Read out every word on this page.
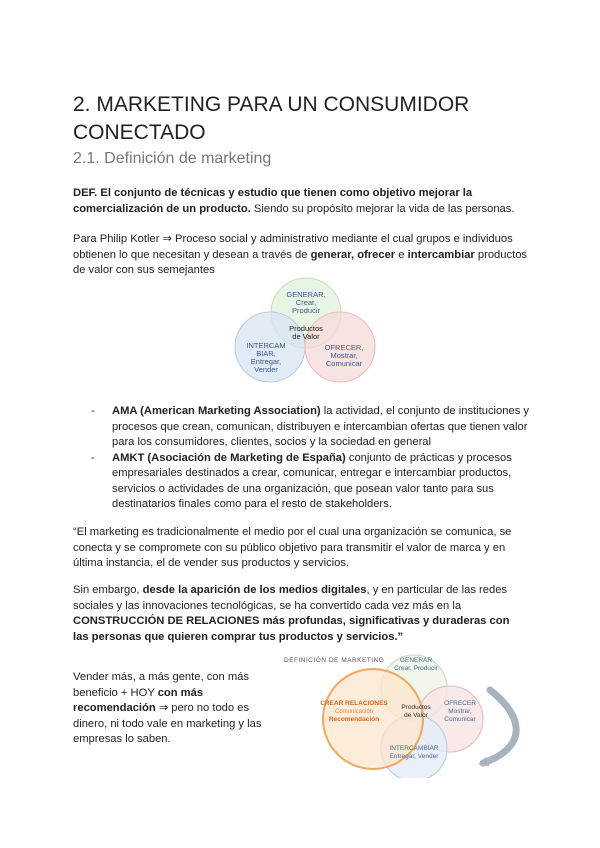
2. MARKETING PARA UN CONSUMIDOR CONECTADO
2.1. Definición de marketing
DEF. El conjunto de técnicas y estudio que tienen como objetivo mejorar la comercialización de un producto. Siendo su propósito mejorar la vida de las personas.
Para Philip Kotler ⇒ Proceso social y administrativo mediante el cual grupos e individuos obtienen lo que necesitan y desean a través de generar, ofrecer e intercambiar productos de valor con sus semejantes
GENERAR,
Crear,
Producir
INTERCAM
BIAR,
Entregar,
Vender
OFRECER,
Mostrar,
Comunicar
Productos
de Valor
- AMA (American Marketing Association) la actividad, el conjunto de instituciones y procesos que crean, comunican, distribuyen e intercambian ofertas que tienen valor para los consumidores, clientes, socios y la sociedad en general
- AMKT (Asociación de Marketing de España) conjunto de prácticas y procesos empresariales destinados a crear, comunicar, entregar e intercambiar productos, servicios o actividades de una organización, que posean valor tanto para sus destinatarios finales como para el resto de stakeholders.
“El marketing es tradicionalmente el medio por el cual una organización se comunica, se conecta y se compromete con su público objetivo para transmitir el valor de marca y en última instancia, el de vender sus productos y servicios.
Sin embargo, desde la aparición de los medios digitales, y en particular de las redes sociales y las innovaciones tecnológicas, se ha convertido cada vez más en la CONSTRUCCIÓN DE RELACIONES más profundas, significativas y duraderas con las personas que quieren comprar tus productos y servicios.”
Vender más, a más gente, con más beneficio + HOY con más recomendación ⇒ pero no todo es dinero, ni todo vale en marketing y las empresas lo saben.
DEFINICIÓN DE MARKETING GENERAR
Crear, Producir
OFRECER
Mostrar,
Comunicar
INTERCAMBIAR
Entregar, Vender
CREAR RELACIONES
Comunicación
Recomendación
Productos
de Valor
